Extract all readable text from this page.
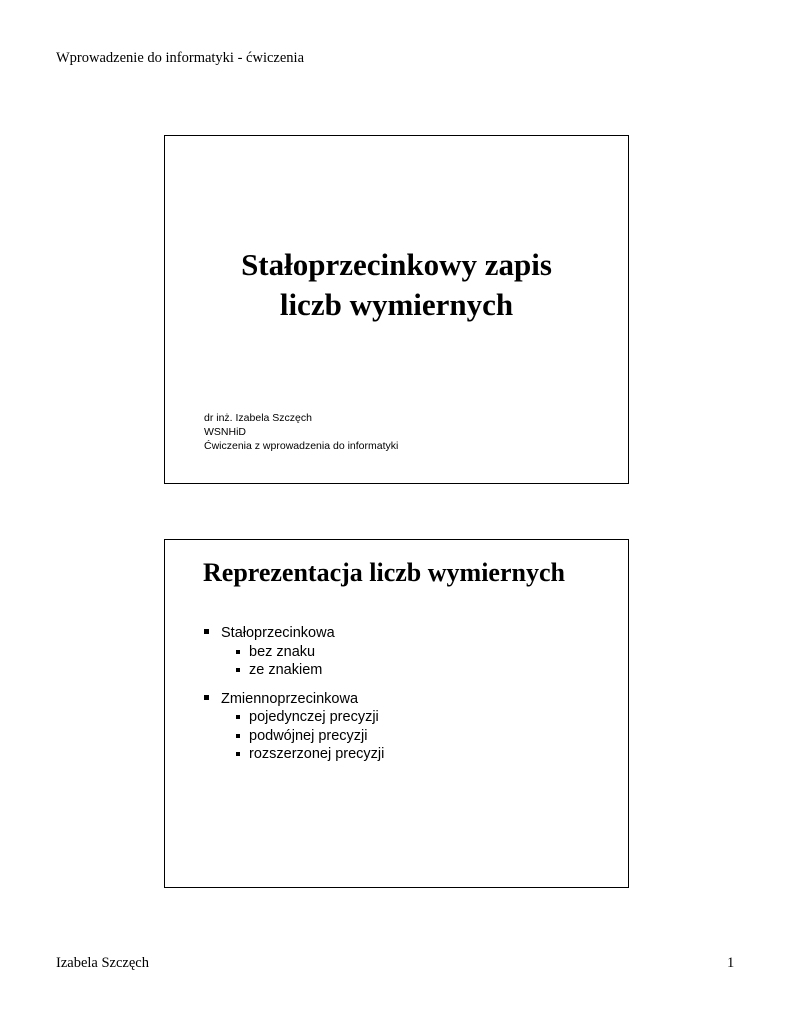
Wprowadzenie do informatyki - ćwiczenia
Stałoprzecinkowy zapis
liczb wymiernych
dr inż. Izabela Szczęch
WSNHiD
Ćwiczenia z wprowadzenia do informatyki
Reprezentacja liczb wymiernych
Stałoprzecinkowa
bez znaku
ze znakiem
Zmiennoprzecinkowa
pojedynczej precyzji
podwójnej precyzji
rozszerzonej precyzji
Izabela Szczęch	1
